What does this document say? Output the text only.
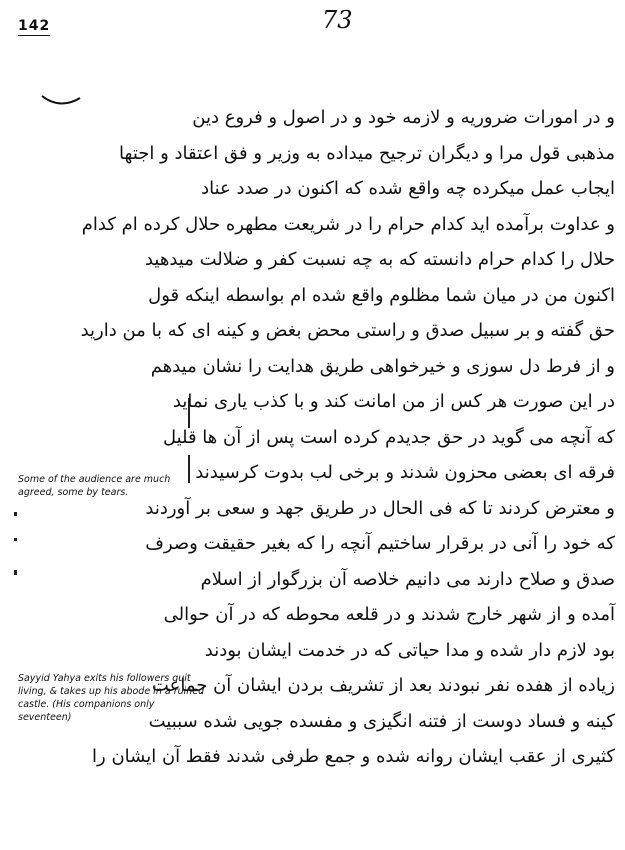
142	73
و در امورات ضروریه و لازمه خود و در اصول و فروع دین
مذهبی قول مرا و دیگران ترجیح میداده به وزیر و فق اعتقاد و اجتها
ایجاب عمل میکرده چه واقع شده که اکنون در صدد عناد
و عداوت برآمده اید کدام حرام را در شریعت مطهره حلال کرده ام کدام
حلال را کدام حرام دانسته که به چه نسبت کفر و ضلالت میدهید
اکنون من در میان شما مظلوم واقع شده ام بواسطه اینکه قول
حق گفته و بر سبیل صدق و راستی محض بغض و کینه ای که با من دارید
و از فرط دل سوزی و خیرخواهی طریق هدایت را نشان میدهم
در این صورت هر کس از من امانت کند و با کذب یاری نماید
که آنچه می گوید در حق جدیدم کرده است پس از آن ها قلیل
فرقه ای بعضی محزون شدند و برخی لب بدوت کرسیدند
و معترض کردند تا که فی الحال در طریق جهد و سعی بر آوردند
که خود را آنی در برقرار ساختیم آنچه را که بغیر حقیقت وصرف
صدق و صلاح دارند می دانیم خلاصه آن بزرگوار از اسلام
آمده و از شهر خارج شدند و در قلعه محوطه که در آن حوالی
بود لازم دار شده و مدا حیاتی که در خدمت ایشان بودند
زیاده از هفده نفر نبودند بعد از تشریف بردن ایشان آن جماعت
کینه و فساد دوست از فتنه انگیزی و مفسده جویی شده سببیت
کثیری از عقب ایشان روانه شده و جمع طرفی شدند فقط آن ایشان را
Some of the audience are much agreed, some by tears.
Sayyid Yahya exits his followers quit living, & takes up his abode in a ruined castle. (His companions only seventeen)
